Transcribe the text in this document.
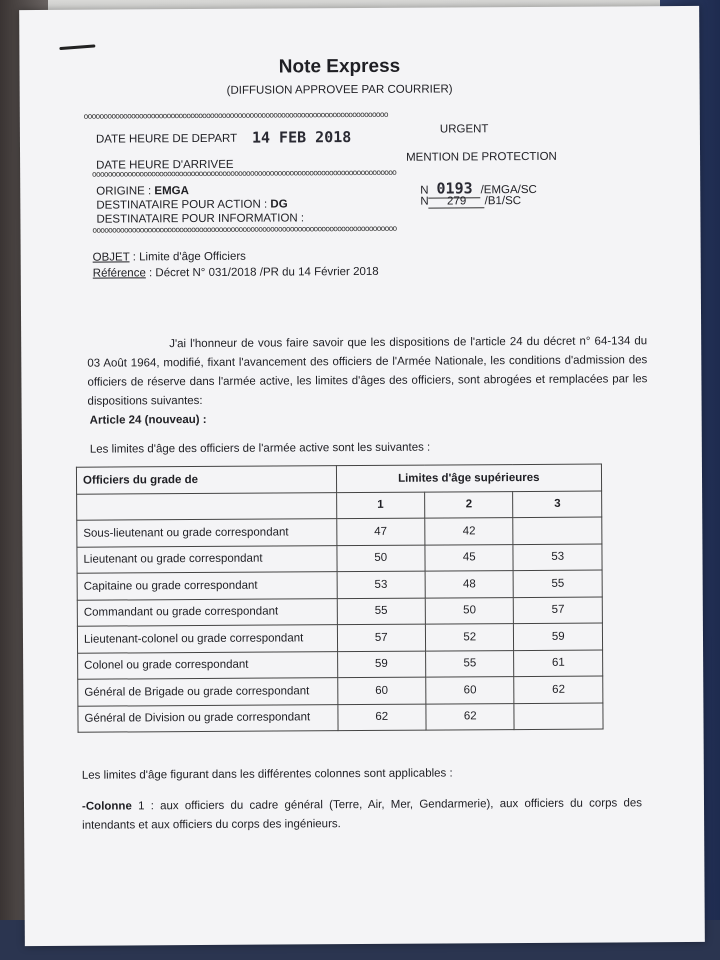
Note Express
(DIFFUSION APPROVEE PAR COURRIER)
ooooooooooooooooooooooooooooooooooooooooooooooooooooooooooooooooooooooooooooo
DATE HEURE DE DEPART 14 FEB 2018	URGENT
DATE HEURE D'ARRIVEE
MENTION DE PROTECTION
ooooooooooooooooooooooooooooooooooooooooooooooooooooooooooooooooooooooooooooo
ORIGINE : EMGA
DESTINATAIRE POUR ACTION : DG
DESTINATAIRE POUR INFORMATION :
N 0193 /EMGA/SC
N 279 /B1/SC
ooooooooooooooooooooooooooooooooooooooooooooooooooooooooooooooooooooooooooooo
OBJET : Limite d'âge Officiers
Référence : Décret N° 031/2018 /PR du 14 Février 2018
J'ai l'honneur de vous faire savoir que les dispositions de l'article 24 du décret n° 64-134 du 03 Août 1964, modifié, fixant l'avancement des officiers de l'Armée Nationale, les conditions d'admission des officiers de réserve dans l'armée active, les limites d'âges des officiers, sont abrogées et remplacées par les dispositions suivantes:
Article 24 (nouveau) :
Les limites d'âge des officiers de l'armée active sont les suivantes :
Officiers du grade de	Limites d'âge supérieures		
	1	2	3
Sous-lieutenant ou grade correspondant	47	42	
Lieutenant ou grade correspondant	50	45	53
Capitaine ou grade correspondant	53	48	55
Commandant ou grade correspondant	55	50	57
Lieutenant-colonel ou grade correspondant	57	52	59
Colonel ou grade correspondant	59	55	61
Général de Brigade ou grade correspondant	60	60	62
Général de Division ou grade correspondant	62	62	
Les limites d'âge figurant dans les différentes colonnes sont applicables :
-Colonne 1 : aux officiers du cadre général (Terre, Air, Mer, Gendarmerie), aux officiers du corps des intendants et aux officiers du corps des ingénieurs.
